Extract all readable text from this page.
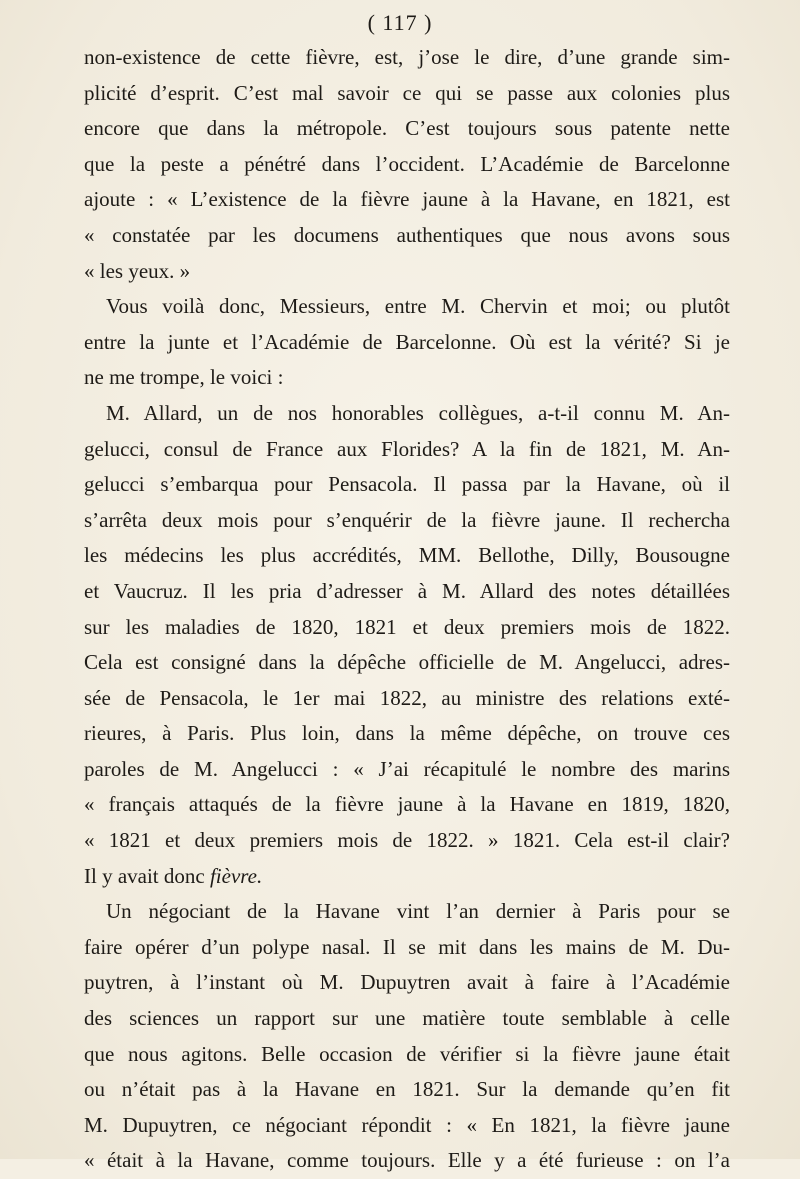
( 117 )
non-existence de cette fièvre, est, j’ose le dire, d’une grande sim-
plicité d’esprit. C’est mal savoir ce qui se passe aux colonies plus
encore que dans la métropole. C’est toujours sous patente nette
que la peste a pénétré dans l’occident. L’Académie de Barcelonne
ajoute : « L’existence de la fièvre jaune à la Havane, en 1821, est
« constatée par les documens authentiques que nous avons sous
« les yeux. »
Vous voilà donc, Messieurs, entre M. Chervin et moi; ou plutôt
entre la junte et l’Académie de Barcelonne. Où est la vérité? Si je
ne me trompe, le voici :
M. Allard, un de nos honorables collègues, a-t-il connu M. An-
gelucci, consul de France aux Florides? A la fin de 1821, M. An-
gelucci s’embarqua pour Pensacola. Il passa par la Havane, où il
s’arrêta deux mois pour s’enquérir de la fièvre jaune. Il rechercha
les médecins les plus accrédités, MM. Bellothe, Dilly, Bousougne
et Vaucruz. Il les pria d’adresser à M. Allard des notes détaillées
sur les maladies de 1820, 1821 et deux premiers mois de 1822.
Cela est consigné dans la dépêche officielle de M. Angelucci, adres-
sée de Pensacola, le 1er mai 1822, au ministre des relations exté-
rieures, à Paris. Plus loin, dans la même dépêche, on trouve ces
paroles de M. Angelucci : « J’ai récapitulé le nombre des marins
« français attaqués de la fièvre jaune à la Havane en 1819, 1820,
« 1821 et deux premiers mois de 1822. » 1821. Cela est-il clair?
Il y avait donc fièvre.
Un négociant de la Havane vint l’an dernier à Paris pour se
faire opérer d’un polype nasal. Il se mit dans les mains de M. Du-
puytren, à l’instant où M. Dupuytren avait à faire à l’Académie
des sciences un rapport sur une matière toute semblable à celle
que nous agitons. Belle occasion de vérifier si la fièvre jaune était
ou n’était pas à la Havane en 1821. Sur la demande qu’en fit
M. Dupuytren, ce négociant répondit : « En 1821, la fièvre jaune
« était à la Havane, comme toujours. Elle y a été furieuse : on l’a
